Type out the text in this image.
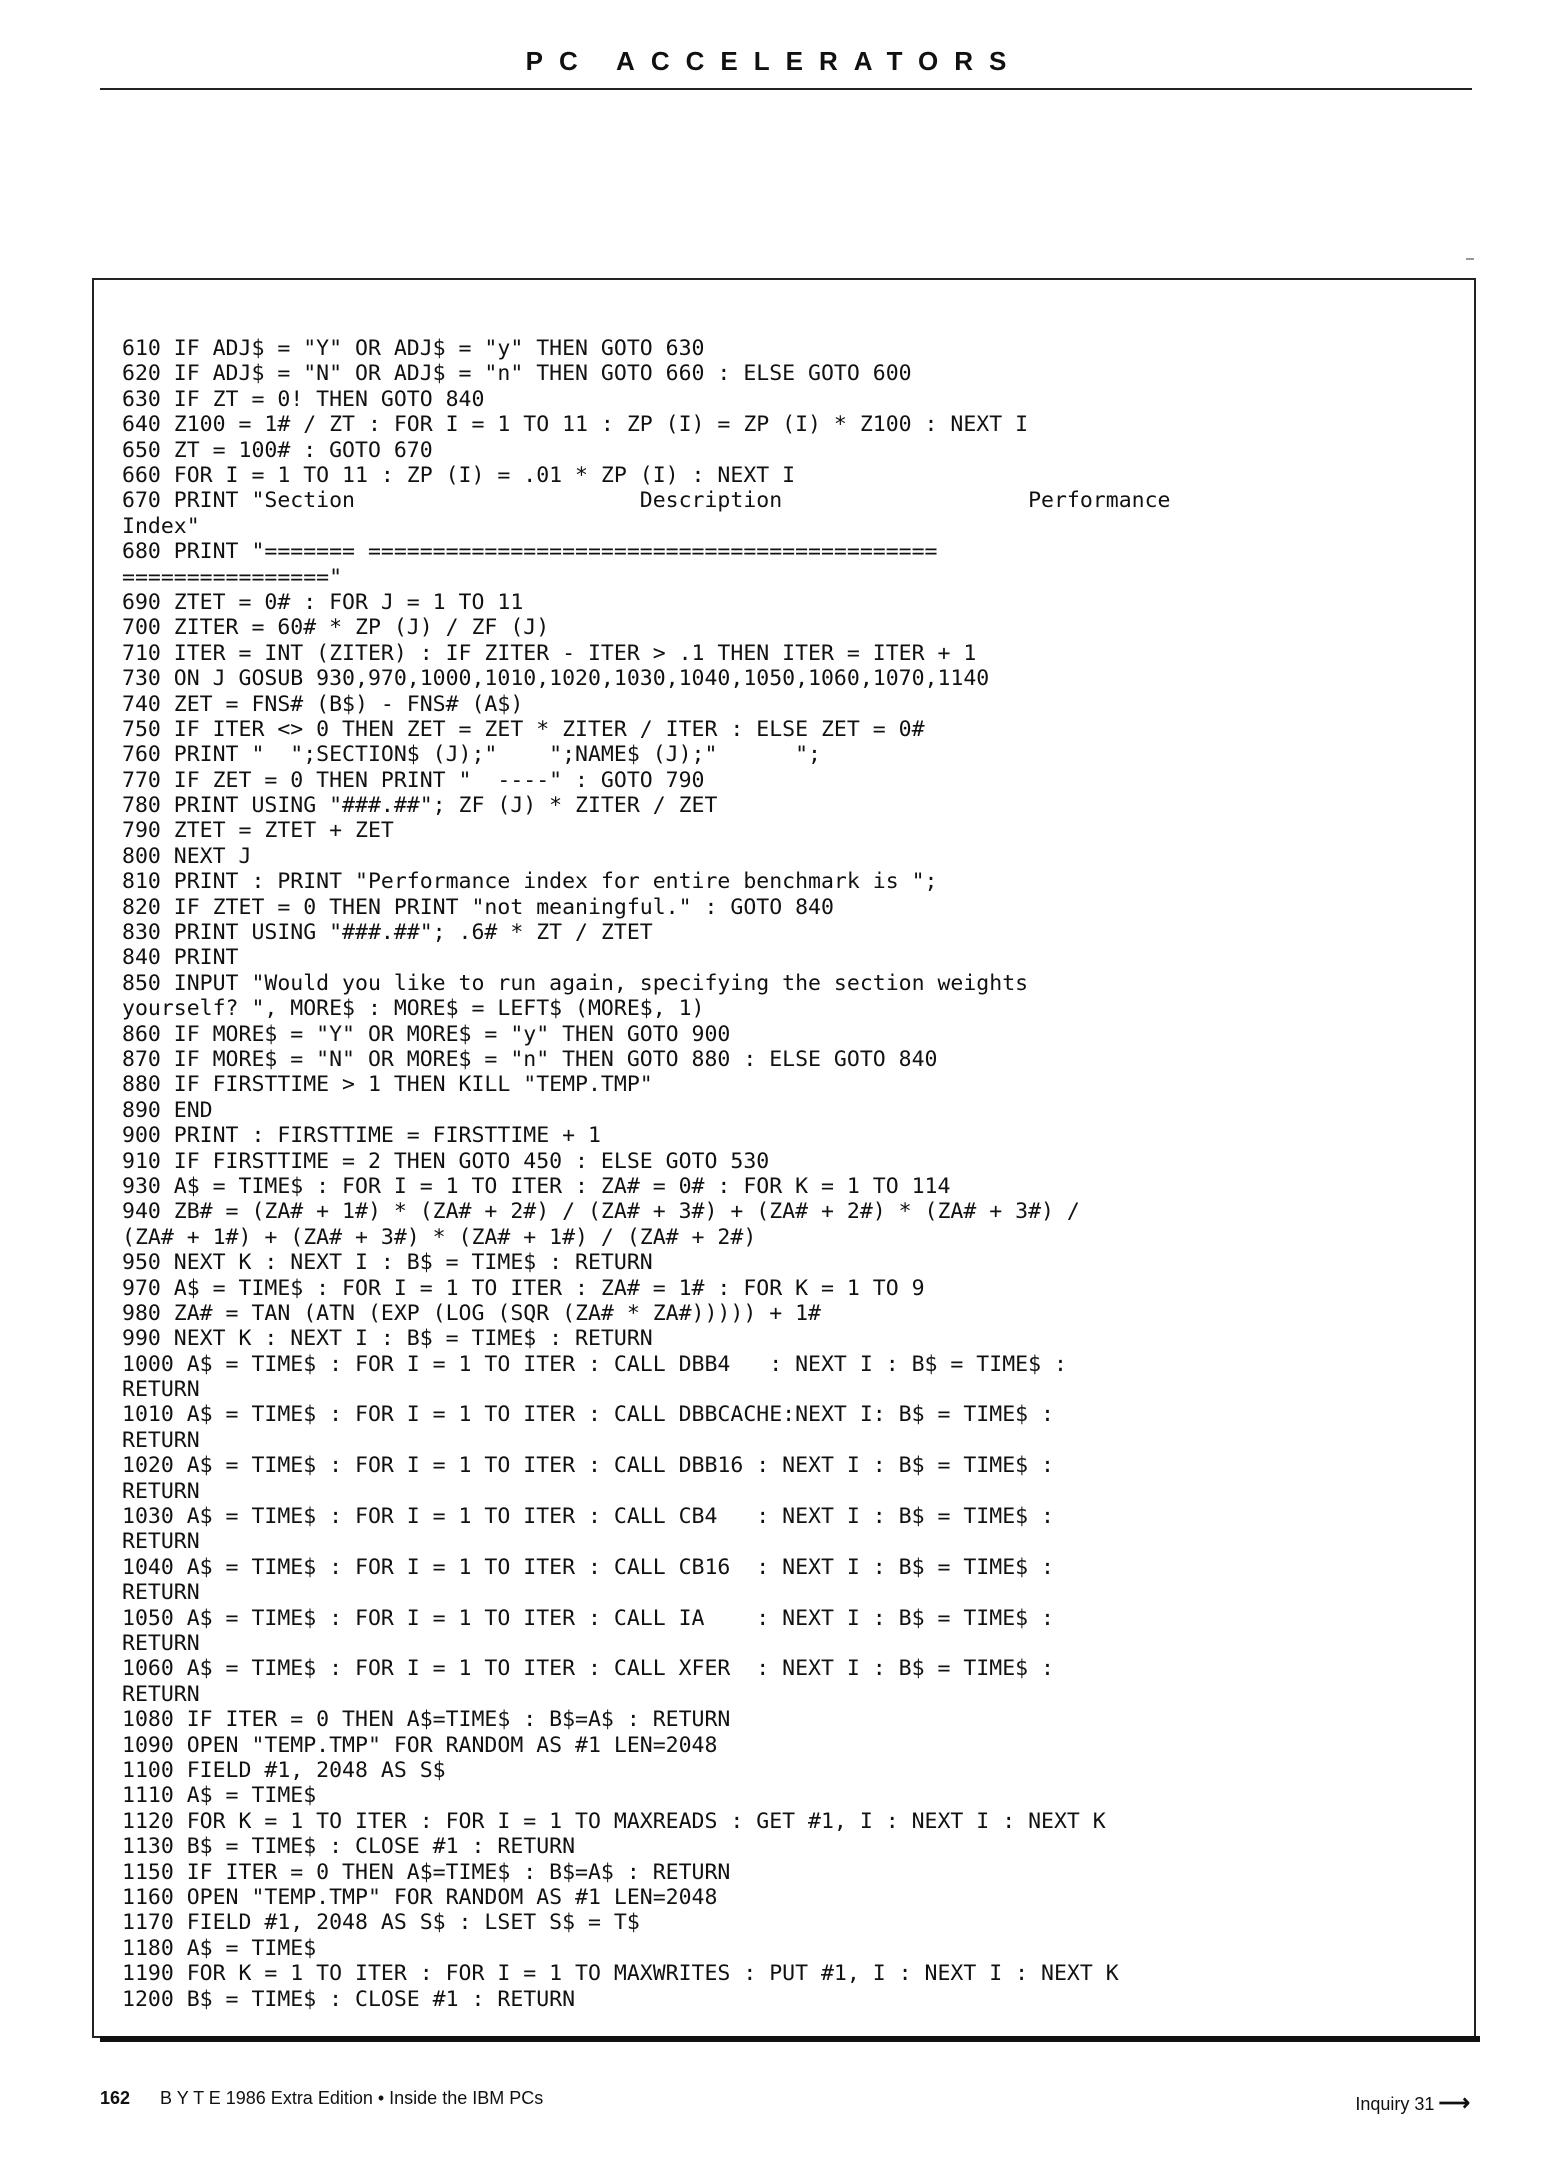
PC ACCELERATORS
610 IF ADJ$ = "Y" OR ADJ$ = "y" THEN GOTO 630
620 IF ADJ$ = "N" OR ADJ$ = "n" THEN GOTO 660 : ELSE GOTO 600
630 IF ZT = 0! THEN GOTO 840
640 Z100 = 1# / ZT : FOR I = 1 TO 11 : ZP (I) = ZP (I) * Z100 : NEXT I
650 ZT = 100# : GOTO 670
660 FOR I = 1 TO 11 : ZP (I) = .01 * ZP (I) : NEXT I
670 PRINT "Section                      Description                   Performance
Index"
680 PRINT "======= ============================================
================"
690 ZTET = 0# : FOR J = 1 TO 11
700 ZITER = 60# * ZP (J) / ZF (J)
710 ITER = INT (ZITER) : IF ZITER - ITER > .1 THEN ITER = ITER + 1
730 ON J GOSUB 930,970,1000,1010,1020,1030,1040,1050,1060,1070,1140
740 ZET = FNS# (B$) - FNS# (A$)
750 IF ITER <> 0 THEN ZET = ZET * ZITER / ITER : ELSE ZET = 0#
760 PRINT "  ";SECTION$ (J);"    ";NAME$ (J);"      ";
770 IF ZET = 0 THEN PRINT "  ----" : GOTO 790
780 PRINT USING "###.##"; ZF (J) * ZITER / ZET
790 ZTET = ZTET + ZET
800 NEXT J
810 PRINT : PRINT "Performance index for entire benchmark is ";
820 IF ZTET = 0 THEN PRINT "not meaningful." : GOTO 840
830 PRINT USING "###.##"; .6# * ZT / ZTET
840 PRINT
850 INPUT "Would you like to run again, specifying the section weights
yourself? ", MORE$ : MORE$ = LEFT$ (MORE$, 1)
860 IF MORE$ = "Y" OR MORE$ = "y" THEN GOTO 900
870 IF MORE$ = "N" OR MORE$ = "n" THEN GOTO 880 : ELSE GOTO 840
880 IF FIRSTTIME > 1 THEN KILL "TEMP.TMP"
890 END
900 PRINT : FIRSTTIME = FIRSTTIME + 1
910 IF FIRSTTIME = 2 THEN GOTO 450 : ELSE GOTO 530
930 A$ = TIME$ : FOR I = 1 TO ITER : ZA# = 0# : FOR K = 1 TO 114
940 ZB# = (ZA# + 1#) * (ZA# + 2#) / (ZA# + 3#) + (ZA# + 2#) * (ZA# + 3#) /
(ZA# + 1#) + (ZA# + 3#) * (ZA# + 1#) / (ZA# + 2#)
950 NEXT K : NEXT I : B$ = TIME$ : RETURN
970 A$ = TIME$ : FOR I = 1 TO ITER : ZA# = 1# : FOR K = 1 TO 9
980 ZA# = TAN (ATN (EXP (LOG (SQR (ZA# * ZA#))))) + 1#
990 NEXT K : NEXT I : B$ = TIME$ : RETURN
1000 A$ = TIME$ : FOR I = 1 TO ITER : CALL DBB4   : NEXT I : B$ = TIME$ :
RETURN
1010 A$ = TIME$ : FOR I = 1 TO ITER : CALL DBBCACHE:NEXT I: B$ = TIME$ :
RETURN
1020 A$ = TIME$ : FOR I = 1 TO ITER : CALL DBB16 : NEXT I : B$ = TIME$ :
RETURN
1030 A$ = TIME$ : FOR I = 1 TO ITER : CALL CB4   : NEXT I : B$ = TIME$ :
RETURN
1040 A$ = TIME$ : FOR I = 1 TO ITER : CALL CB16  : NEXT I : B$ = TIME$ :
RETURN
1050 A$ = TIME$ : FOR I = 1 TO ITER : CALL IA    : NEXT I : B$ = TIME$ :
RETURN
1060 A$ = TIME$ : FOR I = 1 TO ITER : CALL XFER  : NEXT I : B$ = TIME$ :
RETURN
1080 IF ITER = 0 THEN A$=TIME$ : B$=A$ : RETURN
1090 OPEN "TEMP.TMP" FOR RANDOM AS #1 LEN=2048
1100 FIELD #1, 2048 AS S$
1110 A$ = TIME$
1120 FOR K = 1 TO ITER : FOR I = 1 TO MAXREADS : GET #1, I : NEXT I : NEXT K
1130 B$ = TIME$ : CLOSE #1 : RETURN
1150 IF ITER = 0 THEN A$=TIME$ : B$=A$ : RETURN
1160 OPEN "TEMP.TMP" FOR RANDOM AS #1 LEN=2048
1170 FIELD #1, 2048 AS S$ : LSET S$ = T$
1180 A$ = TIME$
1190 FOR K = 1 TO ITER : FOR I = 1 TO MAXWRITES : PUT #1, I : NEXT I : NEXT K
1200 B$ = TIME$ : CLOSE #1 : RETURN
162 B Y T E 1986 Extra Edition • Inside the IBM PCs	Inquiry 31 ⟶
